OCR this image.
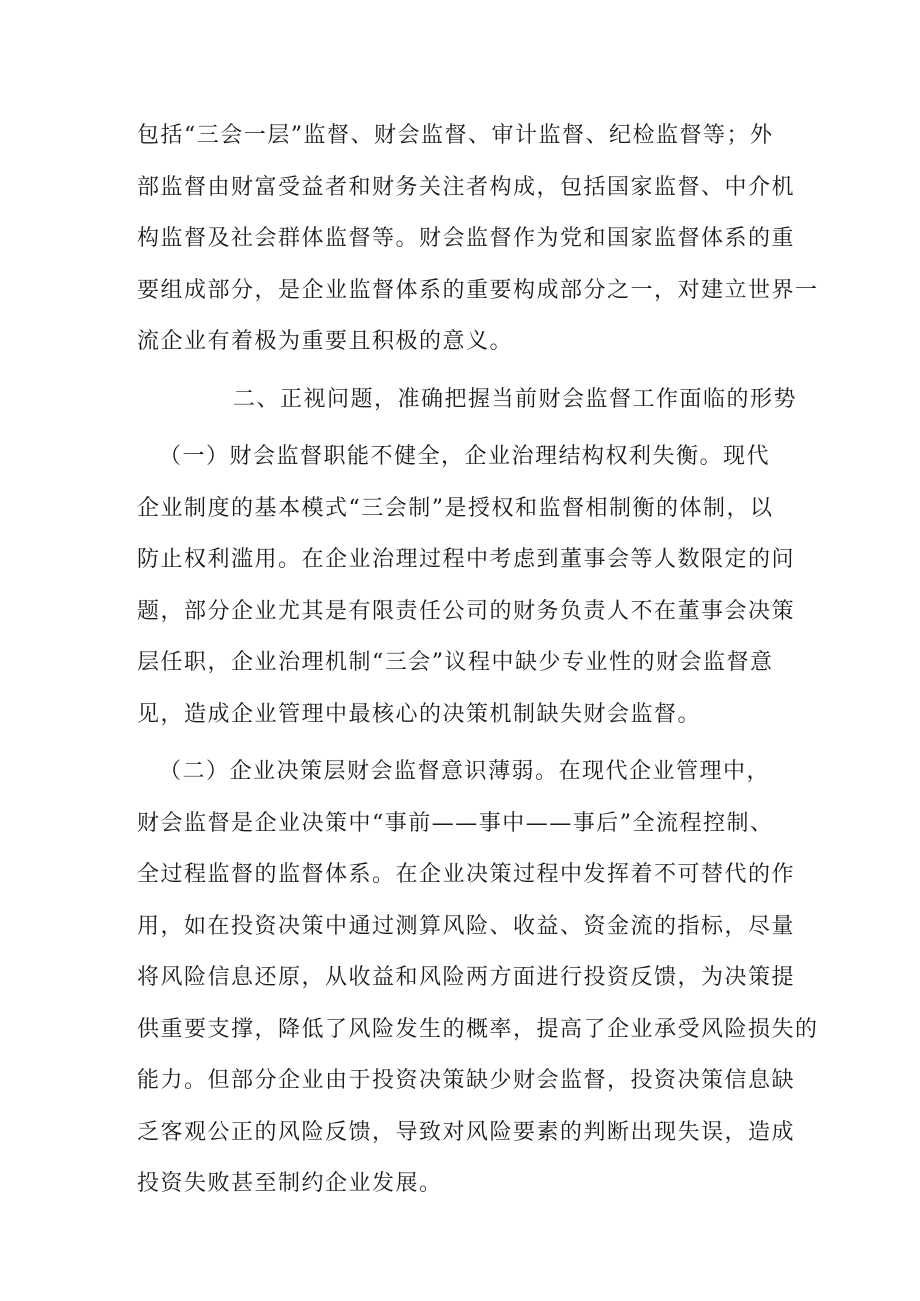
包括“三会一层”监督、财会监督、审计监督、纪检监督等；外
部监督由财富受益者和财务关注者构成，包括国家监督、中介机
构监督及社会群体监督等。财会监督作为党和国家监督体系的重
要组成部分，是企业监督体系的重要构成部分之一，对建立世界一
流企业有着极为重要且积极的意义。
二、正视问题，准确把握当前财会监督工作面临的形势
（一）财会监督职能不健全，企业治理结构权利失衡。现代
企业制度的基本模式“三会制”是授权和监督相制衡的体制，以
防止权利滥用。在企业治理过程中考虑到董事会等人数限定的问
题，部分企业尤其是有限责任公司的财务负责人不在董事会决策
层任职，企业治理机制“三会”议程中缺少专业性的财会监督意
见，造成企业管理中最核心的决策机制缺失财会监督。
（二）企业决策层财会监督意识薄弱。在现代企业管理中，
财会监督是企业决策中“事前——事中——事后”全流程控制、
全过程监督的监督体系。在企业决策过程中发挥着不可替代的作
用，如在投资决策中通过测算风险、收益、资金流的指标，尽量
将风险信息还原，从收益和风险两方面进行投资反馈，为决策提
供重要支撑，降低了风险发生的概率，提高了企业承受风险损失的
能力。但部分企业由于投资决策缺少财会监督，投资决策信息缺
乏客观公正的风险反馈，导致对风险要素的判断出现失误，造成
投资失败甚至制约企业发展。
